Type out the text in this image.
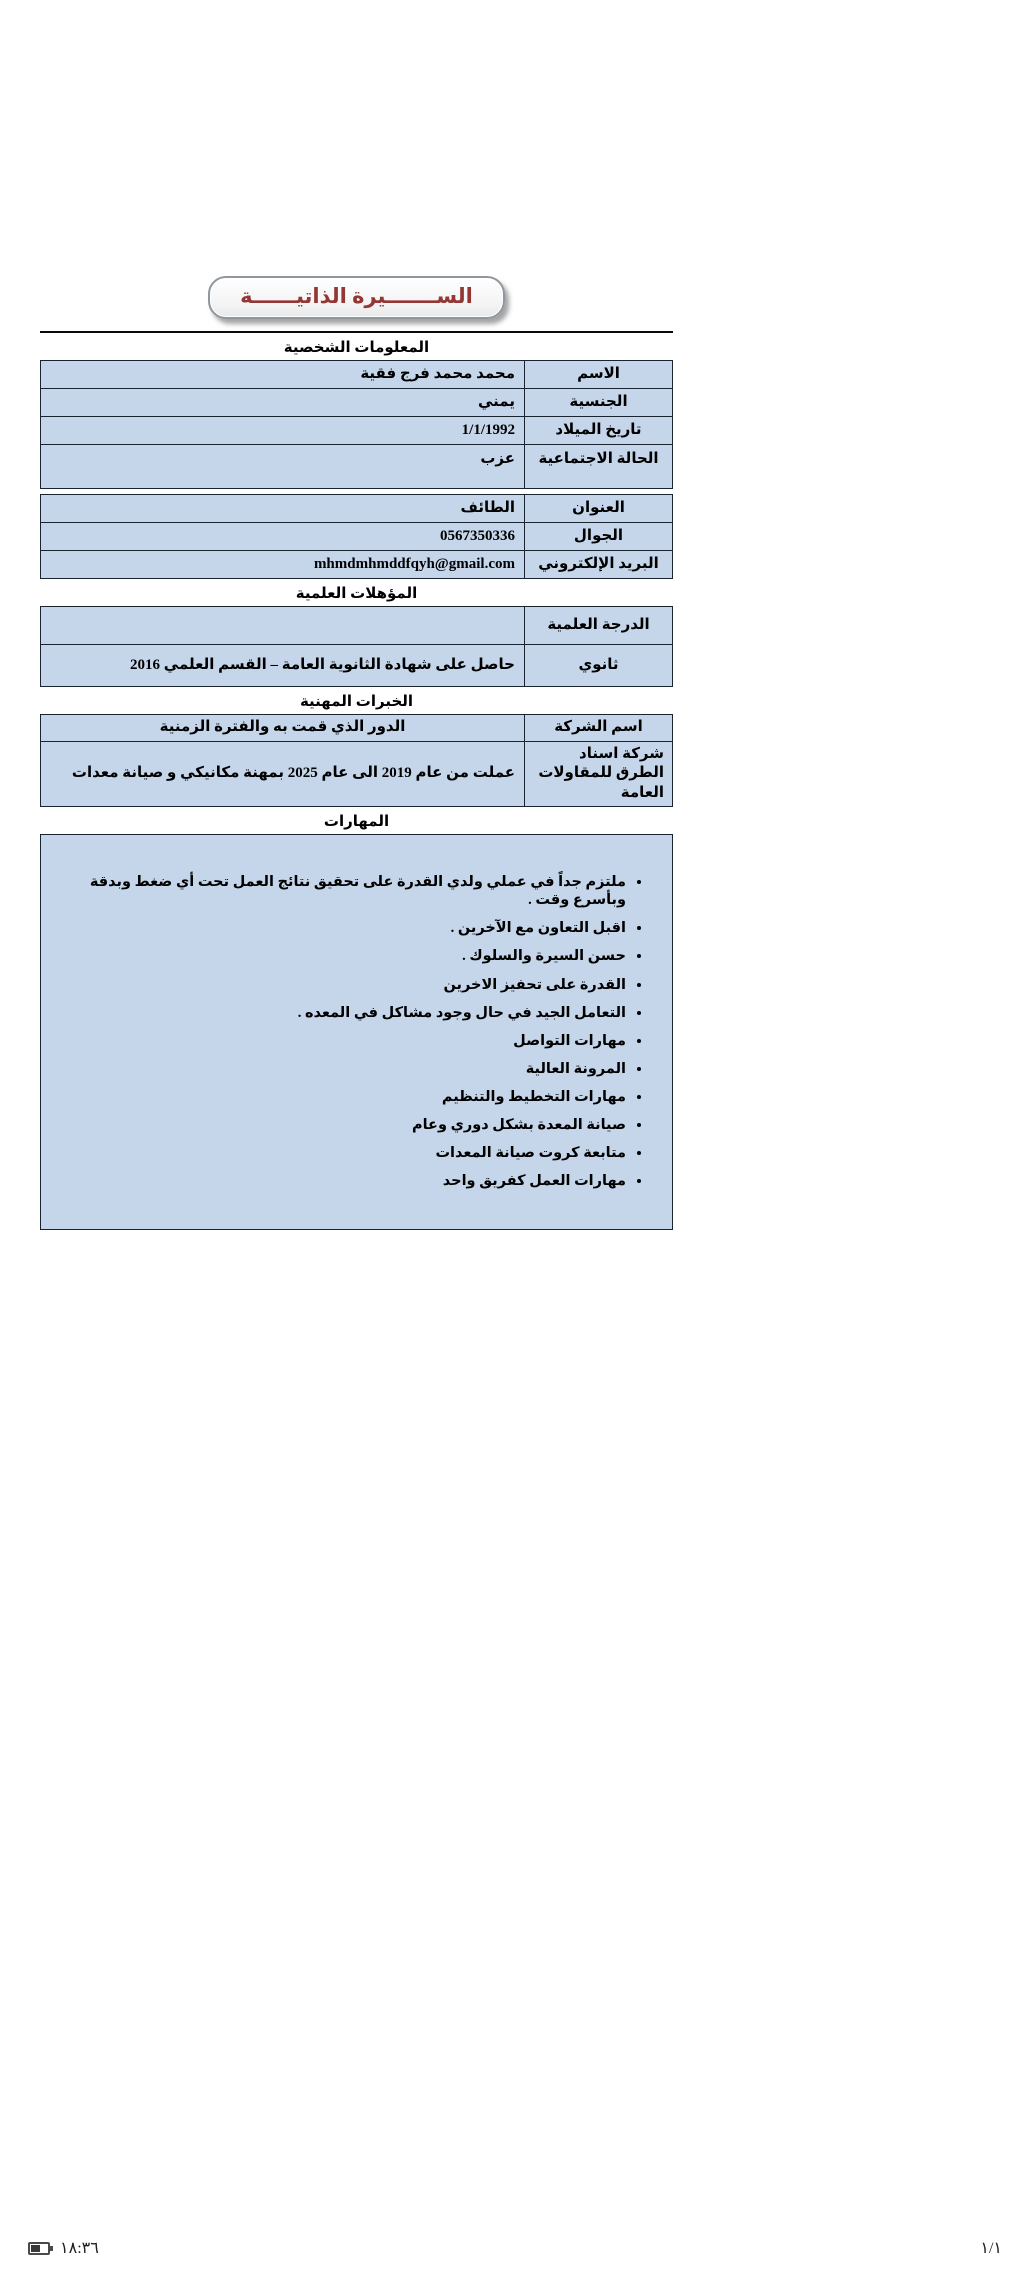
الســـــــيرة الذاتيــــــة
المعلومات الشخصية
الاسم	محمد محمد فرج فقية
الجنسية	يمني
تاريخ الميلاد	1/1/1992
الحالة الاجتماعية	عزب
العنوان	الطائف
الجوال	0567350336
البريد الإلكتروني	mhmdmhmddfqyh@gmail.com
المؤهلات العلمية
الدرجة العلمية	
ثانوي	حاصل على شهادة الثانوية العامة – القسم العلمي 2016
الخبرات المهنية
اسم الشركة	الدور الذي قمت به والفترة الزمنية
شركة اسناد الطرق للمقاولات العامة	عملت من عام 2019 الى عام 2025 بمهنة مكانيكي و صيانة معدات
المهارات
• ملتزم جداً في عملي ولدي القدرة على تحقيق نتائج العمل تحت أي ضغط وبدقة وبأسرع وقت .
• اقبل التعاون مع الآخرين .
• حسن السيرة والسلوك .
• القدرة على تحفيز الاخرين
• التعامل الجيد في حال وجود مشاكل في المعده .
• مهارات التواصل
• المرونة العالية
• مهارات التخطيط والتنظيم
• صيانة المعدة بشكل دوري وعام
• متابعة كروت صيانة المعدات
• مهارات العمل كفريق واحد
١٨:٣٦	١/١
